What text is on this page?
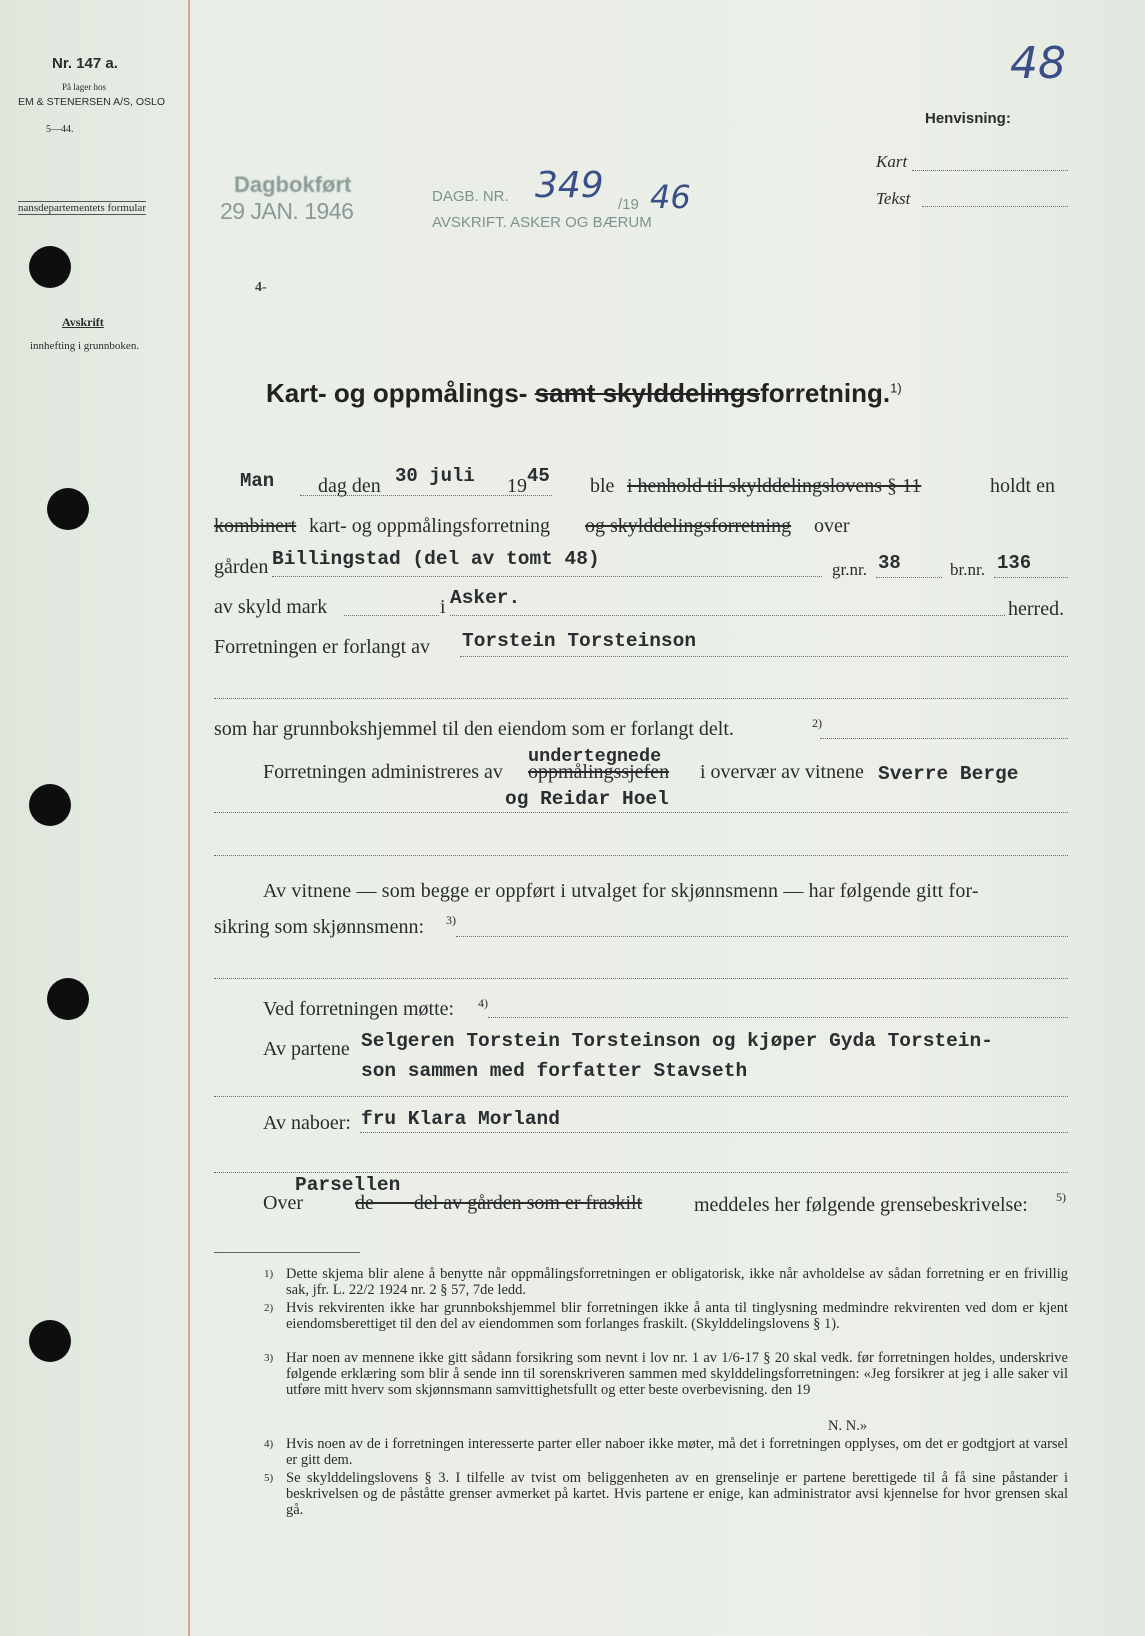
Nr. 147 a.
På lager hos
EM & STENERSEN A/S, OSLO
5—44.
nansdepartementets formular
Avskrift
innhefting i grunnboken.
48
Henvisning:
Kart
Tekst
Dagbokført
29 JAN. 1946
DAGB. NR. 349 /19 46
AVSKRIFT. ASKER OG BÆRUM
4-
Kart- og oppmålings- samt skylddelingsforretning.$^{1)}$
Man dag den 30 juli 19 45 ble i henhold til skylddelingslovens § 11	holdt en
kombinert kart- og oppmålingsforretning og skylddelingsforretning over
gården Billingstad (del av tomt 48)	gr.nr. 38	br.nr. 136
av skyld mark	i Asker.	herred.
Forretningen er forlangt av Torstein Torsteinson
som har grunnbokshjemmel til den eiendom som er forlangt delt.	2)
Forretningen administreres av
undertegnede
oppmålingssjefen i overvær av vitnene Sverre Berge
og Reidar Hoel
Av vitnene — som begge er oppført i utvalget for skjønnsmenn — har følgende gitt for-
sikring som skjønnsmenn: 3)
Ved forretningen møtte: 4)
Av partene Selgeren Torstein Torsteinson og kjøper Gyda Torstein-
son sammen med forfatter Stavseth
Av naboer: fru Klara Morland
Parsellen
Over	de        del av gården som er fraskilt	meddeles her følgende grensebeskrivelse: 5)
1) Dette skjema blir alene å benytte når oppmålingsforretningen er obligatorisk, ikke når avholdelse av sådan forretning er en frivillig sak, jfr. L. 22/2 1924 nr. 2 § 57, 7de ledd.
2) Hvis rekvirenten ikke har grunnbokshjemmel blir forretningen ikke å anta til tinglysning medmindre rekvirenten ved dom er kjent eiendomsberettiget til den del av eiendommen som forlanges fraskilt. (Skylddelingslovens § 1).
3) Har noen av mennene ikke gitt sådann forsikring som nevnt i lov nr. 1 av 1/6-17 § 20 skal vedk. før forretningen holdes, underskrive følgende erklæring som blir å sende inn til sorenskriveren sammen med skylddelingsforretningen: «Jeg forsikrer at jeg i alle saker vil utføre mitt hverv som skjønnsmann samvittighetsfullt og etter beste overbevisning. den 19
N. N.»
4) Hvis noen av de i forretningen interesserte parter eller naboer ikke møter, må det i forretningen opplyses, om det er godtgjort at varsel er gitt dem.
5) Se skylddelingslovens § 3. I tilfelle av tvist om beliggenheten av en grenselinje er partene berettigede til å få sine påstander i beskrivelsen og de påståtte grenser avmerket på kartet. Hvis partene er enige, kan administrator avsi kjennelse for hvor grensen skal gå.
